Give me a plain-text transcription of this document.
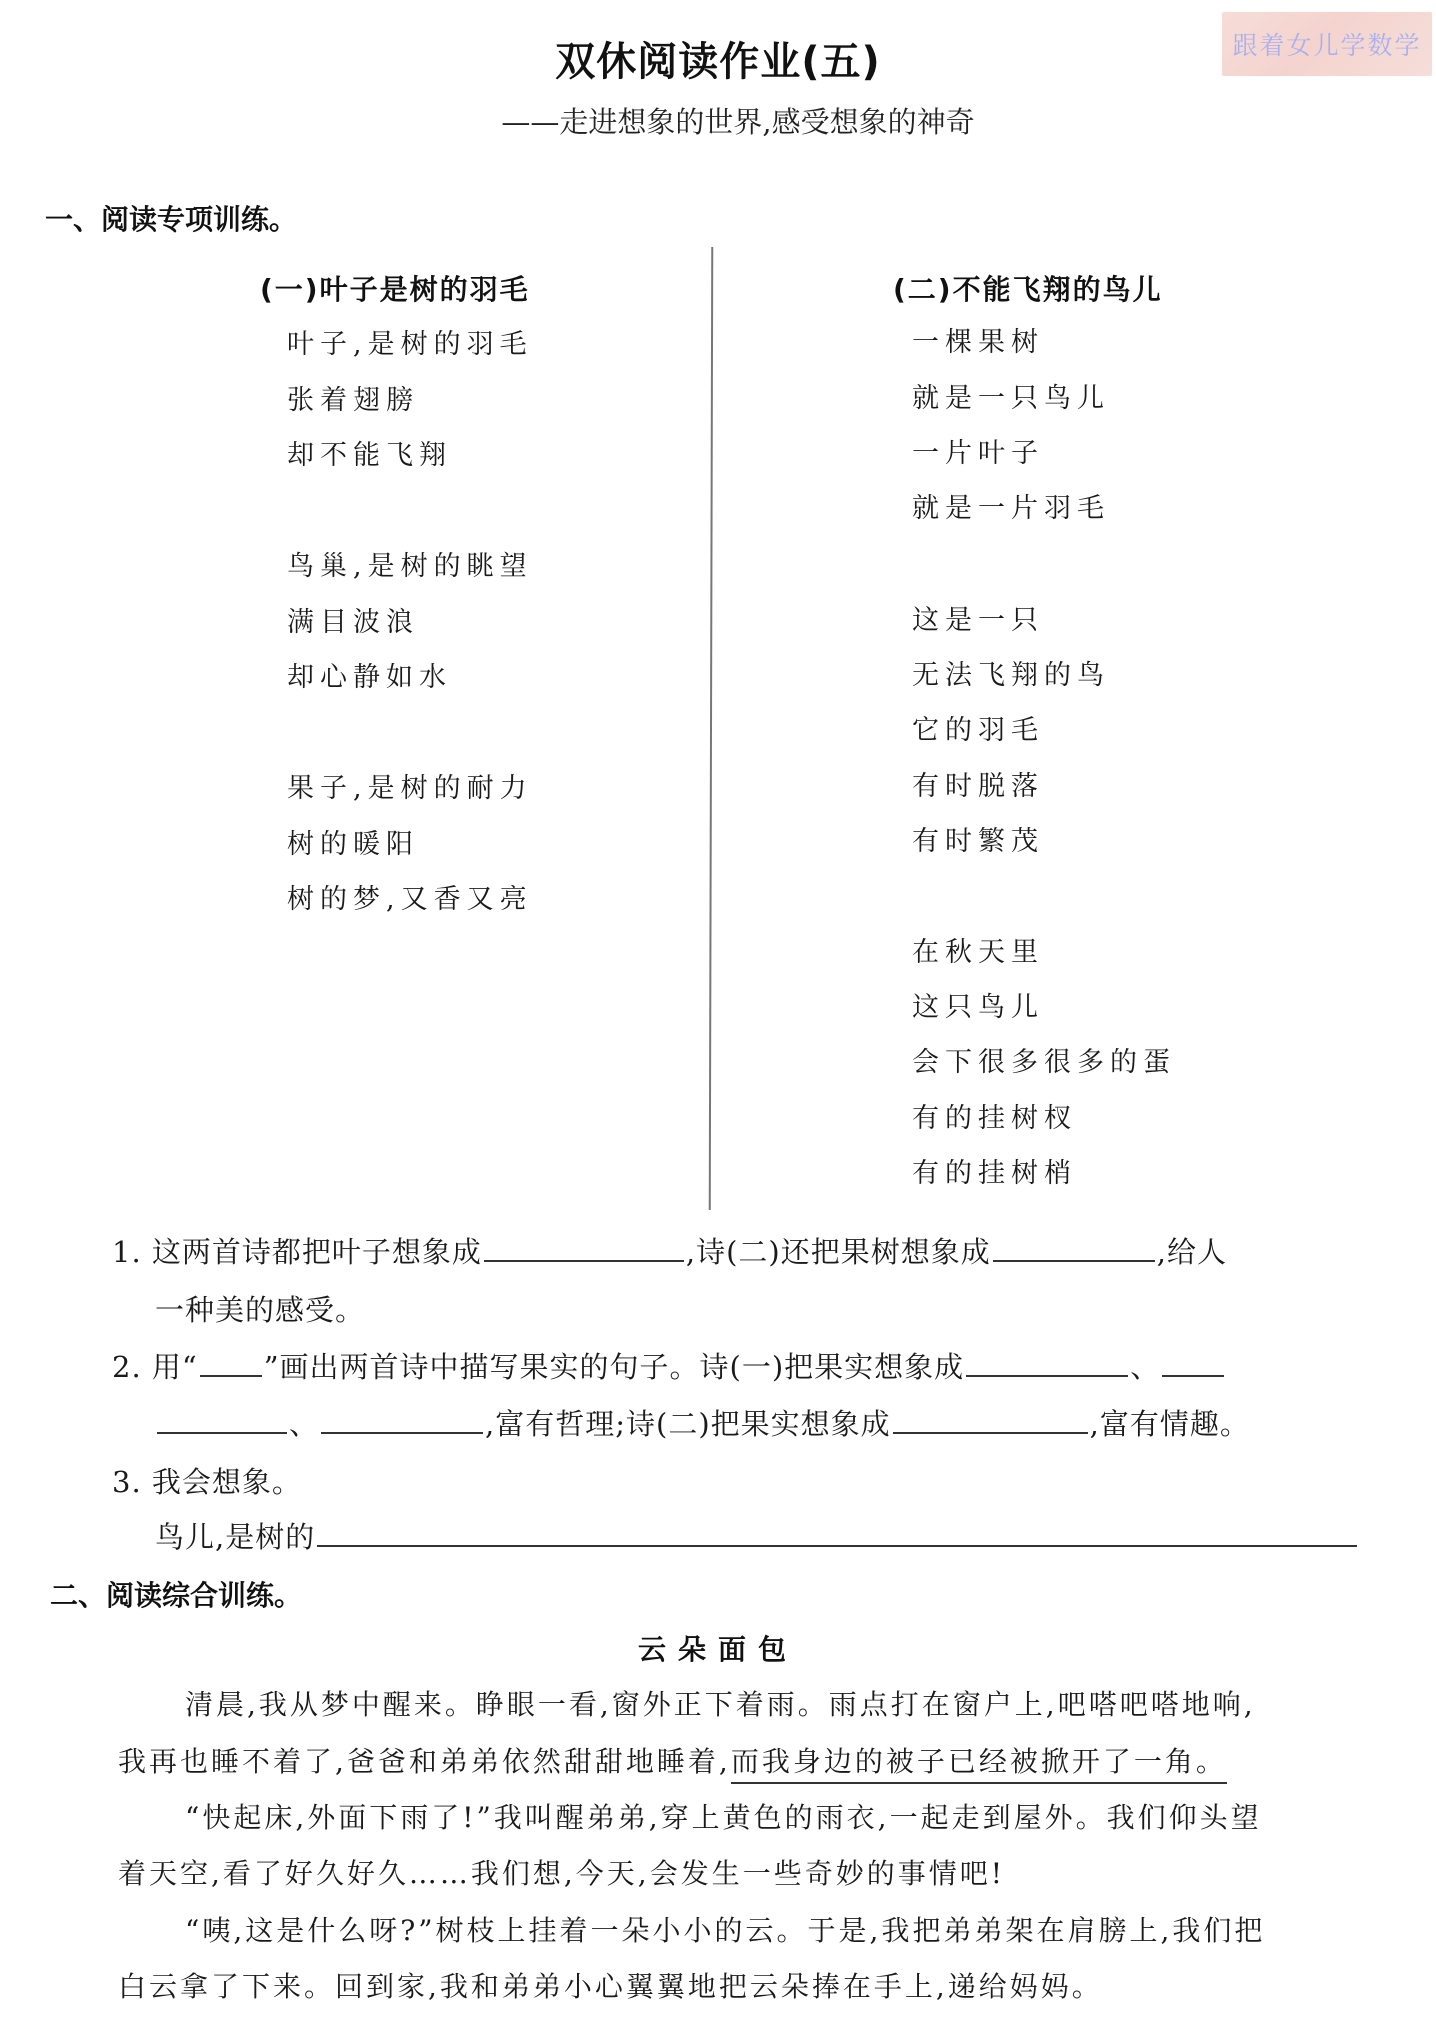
跟着女儿学数学
双休阅读作业(五)
——走进想象的世界,感受想象的神奇
一、阅读专项训练。
(一)叶子是树的羽毛
叶子,是树的羽毛
张着翅膀
却不能飞翔
鸟巢,是树的眺望
满目波浪
却心静如水
果子,是树的耐力
树的暖阳
树的梦,又香又亮
(二)不能飞翔的鸟儿
一棵果树
就是一只鸟儿
一片叶子
就是一片羽毛
这是一只
无法飞翔的鸟
它的羽毛
有时脱落
有时繁茂
在秋天里
这只鸟儿
会下很多很多的蛋
有的挂树杈
有的挂树梢
1. 这两首诗都把叶子想象成	,诗(二)还把果树想象成	,给人
一种美的感受。
2. 用“ ”画出两首诗中描写果实的句子。诗(一)把果实想象成	、
、	,富有哲理;诗(二)把果实想象成	,富有情趣。
3. 我会想象。
鸟儿,是树的
二、阅读综合训练。
云朵面包
清晨,我从梦中醒来。睁眼一看,窗外正下着雨。雨点打在窗户上,吧嗒吧嗒地响,
我再也睡不着了,爸爸和弟弟依然甜甜地睡着,而我身边的被子已经被掀开了一角。
“快起床,外面下雨了!”我叫醒弟弟,穿上黄色的雨衣,一起走到屋外。我们仰头望
着天空,看了好久好久……我们想,今天,会发生一些奇妙的事情吧!
“咦,这是什么呀?”树枝上挂着一朵小小的云。于是,我把弟弟架在肩膀上,我们把
白云拿了下来。回到家,我和弟弟小心翼翼地把云朵捧在手上,递给妈妈。
